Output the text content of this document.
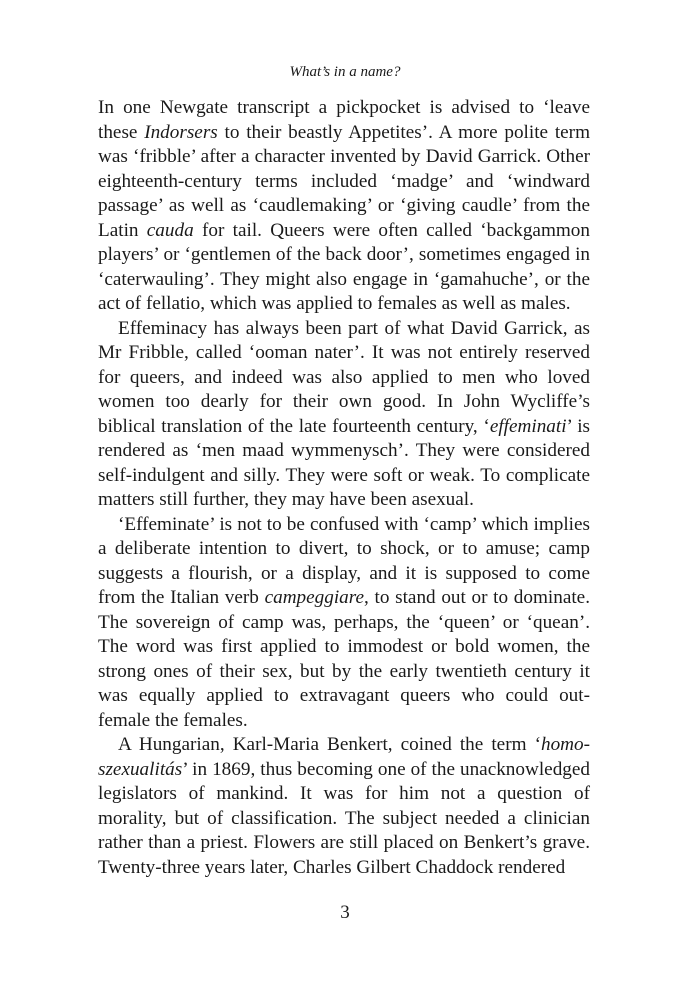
What’s in a name?

In one Newgate transcript a pickpocket is advised to ‘leave these Indorsers to their beastly Appetites’. A more polite term was ‘fribble’ after a character invented by David Garrick. Other eighteenth-century terms included ‘madge’ and ‘windward passage’ as well as ‘caudlemaking’ or ‘giving caudle’ from the Latin cauda for tail. Queers were often called ‘backgammon players’ or ‘gentlemen of the back door’, sometimes engaged in ‘caterwauling’. They might also engage in ‘gamahuche’, or the act of fellatio, which was applied to females as well as males.

Effeminacy has always been part of what David Garrick, as Mr Fribble, called ‘ooman nater’. It was not entirely reserved for queers, and indeed was also applied to men who loved women too dearly for their own good. In John Wycliffe’s biblical translation of the late fourteenth century, ‘effeminati’ is rendered as ‘men maad wymmenysch’. They were considered self-indulgent and silly. They were soft or weak. To complicate matters still further, they may have been asexual.

‘Effeminate’ is not to be confused with ‘camp’ which implies a deliberate intention to divert, to shock, or to amuse; camp suggests a flourish, or a display, and it is supposed to come from the Italian verb campeggiare, to stand out or to dominate. The sovereign of camp was, perhaps, the ‘queen’ or ‘quean’. The word was first applied to immodest or bold women, the strong ones of their sex, but by the early twentieth century it was equally applied to extravagant queers who could out-female the females.

A Hungarian, Karl-Maria Benkert, coined the term ‘homo-szexualitás’ in 1869, thus becoming one of the unacknowledged legislators of mankind. It was for him not a question of morality, but of classification. The subject needed a clinician rather than a priest. Flowers are still placed on Benkert’s grave. Twenty-three years later, Charles Gilbert Chaddock rendered

3
